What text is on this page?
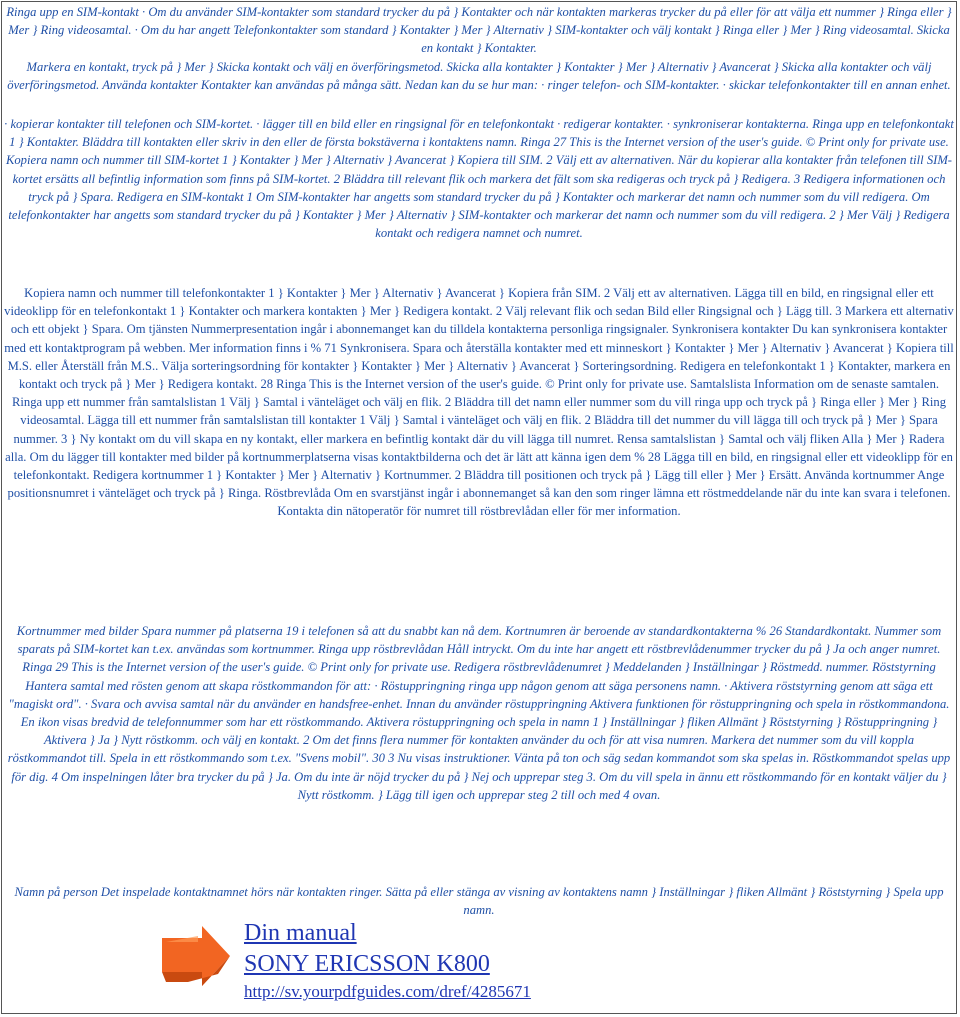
Ringa upp en SIM-kontakt · Om du använder SIM-kontakter som standard trycker du på } Kontakter och när kontakten markeras trycker du på eller för att välja ett nummer } Ringa eller } Mer } Ring videosamtal. · Om du har angett Telefonkontakter som standard } Kontakter } Mer } Alternativ } SIM-kontakter och välj kontakt } Ringa eller } Mer } Ring videosamtal. Skicka en kontakt } Kontakter.

Markera en kontakt, tryck på } Mer } Skicka kontakt och välj en överföringsmetod. Skicka alla kontakter } Kontakter } Mer } Alternativ } Avancerat } Skicka alla kontakter och välj överföringsmetod. Använda kontakter Kontakter kan användas på många sätt. Nedan kan du se hur man: · ringer telefon- och SIM-kontakter. · skickar telefonkontakter till en annan enhet.

· kopierar kontakter till telefonen och SIM-kortet. · lägger till en bild eller en ringsignal för en telefonkontakt · redigerar kontakter. · synkroniserar kontakterna. Ringa upp en telefonkontakt 1 } Kontakter. Bläddra till kontakten eller skriv in den eller de första bokstäverna i kontaktens namn. Ringa 27 This is the Internet version of the user's guide. © Print only for private use. Kopiera namn och nummer till SIM-kortet 1 } Kontakter } Mer } Alternativ } Avancerat } Kopiera till SIM. 2 Välj ett av alternativen. När du kopierar alla kontakter från telefonen till SIM-kortet ersätts all befintlig information som finns på SIM-kortet. 2 Bläddra till relevant flik och markera det fält som ska redigeras och tryck på } Redigera. 3 Redigera informationen och tryck på } Spara. Redigera en SIM-kontakt 1 Om SIM-kontakter har angetts som standard trycker du på } Kontakter och markerar det namn och nummer som du vill redigera. Om telefonkontakter har angetts som standard trycker du på } Kontakter } Mer } Alternativ } SIM-kontakter och markerar det namn och nummer som du vill redigera. 2 } Mer Välj } Redigera kontakt och redigera namnet och numret.

Kopiera namn och nummer till telefonkontakter 1 } Kontakter } Mer } Alternativ } Avancerat } Kopiera från SIM. 2 Välj ett av alternativen. Lägga till en bild, en ringsignal eller ett videoklipp för en telefonkontakt 1 } Kontakter och markera kontakten } Mer } Redigera kontakt. 2 Välj relevant flik och sedan Bild eller Ringsignal och } Lägg till. 3 Markera ett alternativ och ett objekt } Spara. Om tjänsten Nummerpresentation ingår i abonnemanget kan du tilldela kontakterna personliga ringsignaler. Synkronisera kontakter Du kan synkronisera kontakter med ett kontaktprogram på webben. Mer information finns i % 71 Synkronisera. Spara och återställa kontakter med ett minneskort } Kontakter } Mer } Alternativ } Avancerat } Kopiera till M.S. eller Återställ från M.S.. Välja sorteringsordning för kontakter } Kontakter } Mer } Alternativ } Avancerat } Sorteringsordning. Redigera en telefonkontakt 1 } Kontakter, markera en kontakt och tryck på } Mer } Redigera kontakt. 28 Ringa This is the Internet version of the user's guide. © Print only for private use. Samtalslista Information om de senaste samtalen. Ringa upp ett nummer från samtalslistan 1 Välj } Samtal i vänteläget och välj en flik. 2 Bläddra till det namn eller nummer som du vill ringa upp och tryck på } Ringa eller } Mer } Ring videosamtal. Lägga till ett nummer från samtalslistan till kontakter 1 Välj } Samtal i vänteläget och välj en flik. 2 Bläddra till det nummer du vill lägga till och tryck på } Mer } Spara nummer. 3 } Ny kontakt om du vill skapa en ny kontakt, eller markera en befintlig kontakt där du vill lägga till numret. Rensa samtalslistan } Samtal och välj fliken Alla } Mer } Radera alla. Om du lägger till kontakter med bilder på kortnummerplatserna visas kontaktbilderna och det är lätt att känna igen dem % 28 Lägga till en bild, en ringsignal eller ett videoklipp för en telefonkontakt. Redigera kortnummer 1 } Kontakter } Mer } Alternativ } Kortnummer. 2 Bläddra till positionen och tryck på } Lägg till eller } Mer } Ersätt. Använda kortnummer Ange positionsnumret i vänteläget och tryck på } Ringa. Röstbrevlåda Om en svarstjänst ingår i abonnemanget så kan den som ringer lämna ett röstmeddelande när du inte kan svara i telefonen. Kontakta din nätoperatör för numret till röstbrevlådan eller för mer information.

Kortnummer med bilder Spara nummer på platserna 19 i telefonen så att du snabbt kan nå dem. Kortnumren är beroende av standardkontakterna % 26 Standardkontakt. Nummer som sparats på SIM-kortet kan t.ex. användas som kortnummer. Ringa upp röstbrevlådan Håll intryckt. Om du inte har angett ett röstbrevlådenummer trycker du på } Ja och anger numret. Ringa 29 This is the Internet version of the user's guide. © Print only for private use. Redigera röstbrevlådenumret } Meddelanden } Inställningar } Röstmedd. nummer. Röststyrning Hantera samtal med rösten genom att skapa röstkommandon för att: · Röstuppringning ringa upp någon genom att säga personens namn. · Aktivera röststyrning genom att säga ett "magiskt ord". · Svara och avvisa samtal när du använder en handsfree-enhet. Innan du använder röstuppringning Aktivera funktionen för röstuppringning och spela in röstkommandona. En ikon visas bredvid de telefonnummer som har ett röstkommando. Aktivera röstuppringning och spela in namn 1 } Inställningar } fliken Allmänt } Röststyrning } Röstuppringning } Aktivera } Ja } Nytt röstkomm. och välj en kontakt. 2 Om det finns flera nummer för kontakten använder du och för att visa numren. Markera det nummer som du vill koppla röstkommandot till. Spela in ett röstkommando som t.ex. "Svens mobil". 30 3 Nu visas instruktioner. Vänta på ton och säg sedan kommandot som ska spelas in. Röstkommandot spelas upp för dig. 4 Om inspelningen låter bra trycker du på } Ja. Om du inte är nöjd trycker du på } Nej och upprepar steg 3. Om du vill spela in ännu ett röstkommando för en kontakt väljer du } Nytt röstkomm. } Lägg till igen och upprepar steg 2 till och med 4 ovan.

Namn på person Det inspelade kontaktnamnet hörs när kontakten ringer. Sätta på eller stänga av visning av kontaktens namn } Inställningar } fliken Allmänt } Röststyrning } Spela upp namn.

Din manual
SONY ERICSSON K800
http://sv.yourpdfguides.com/dref/4285671
